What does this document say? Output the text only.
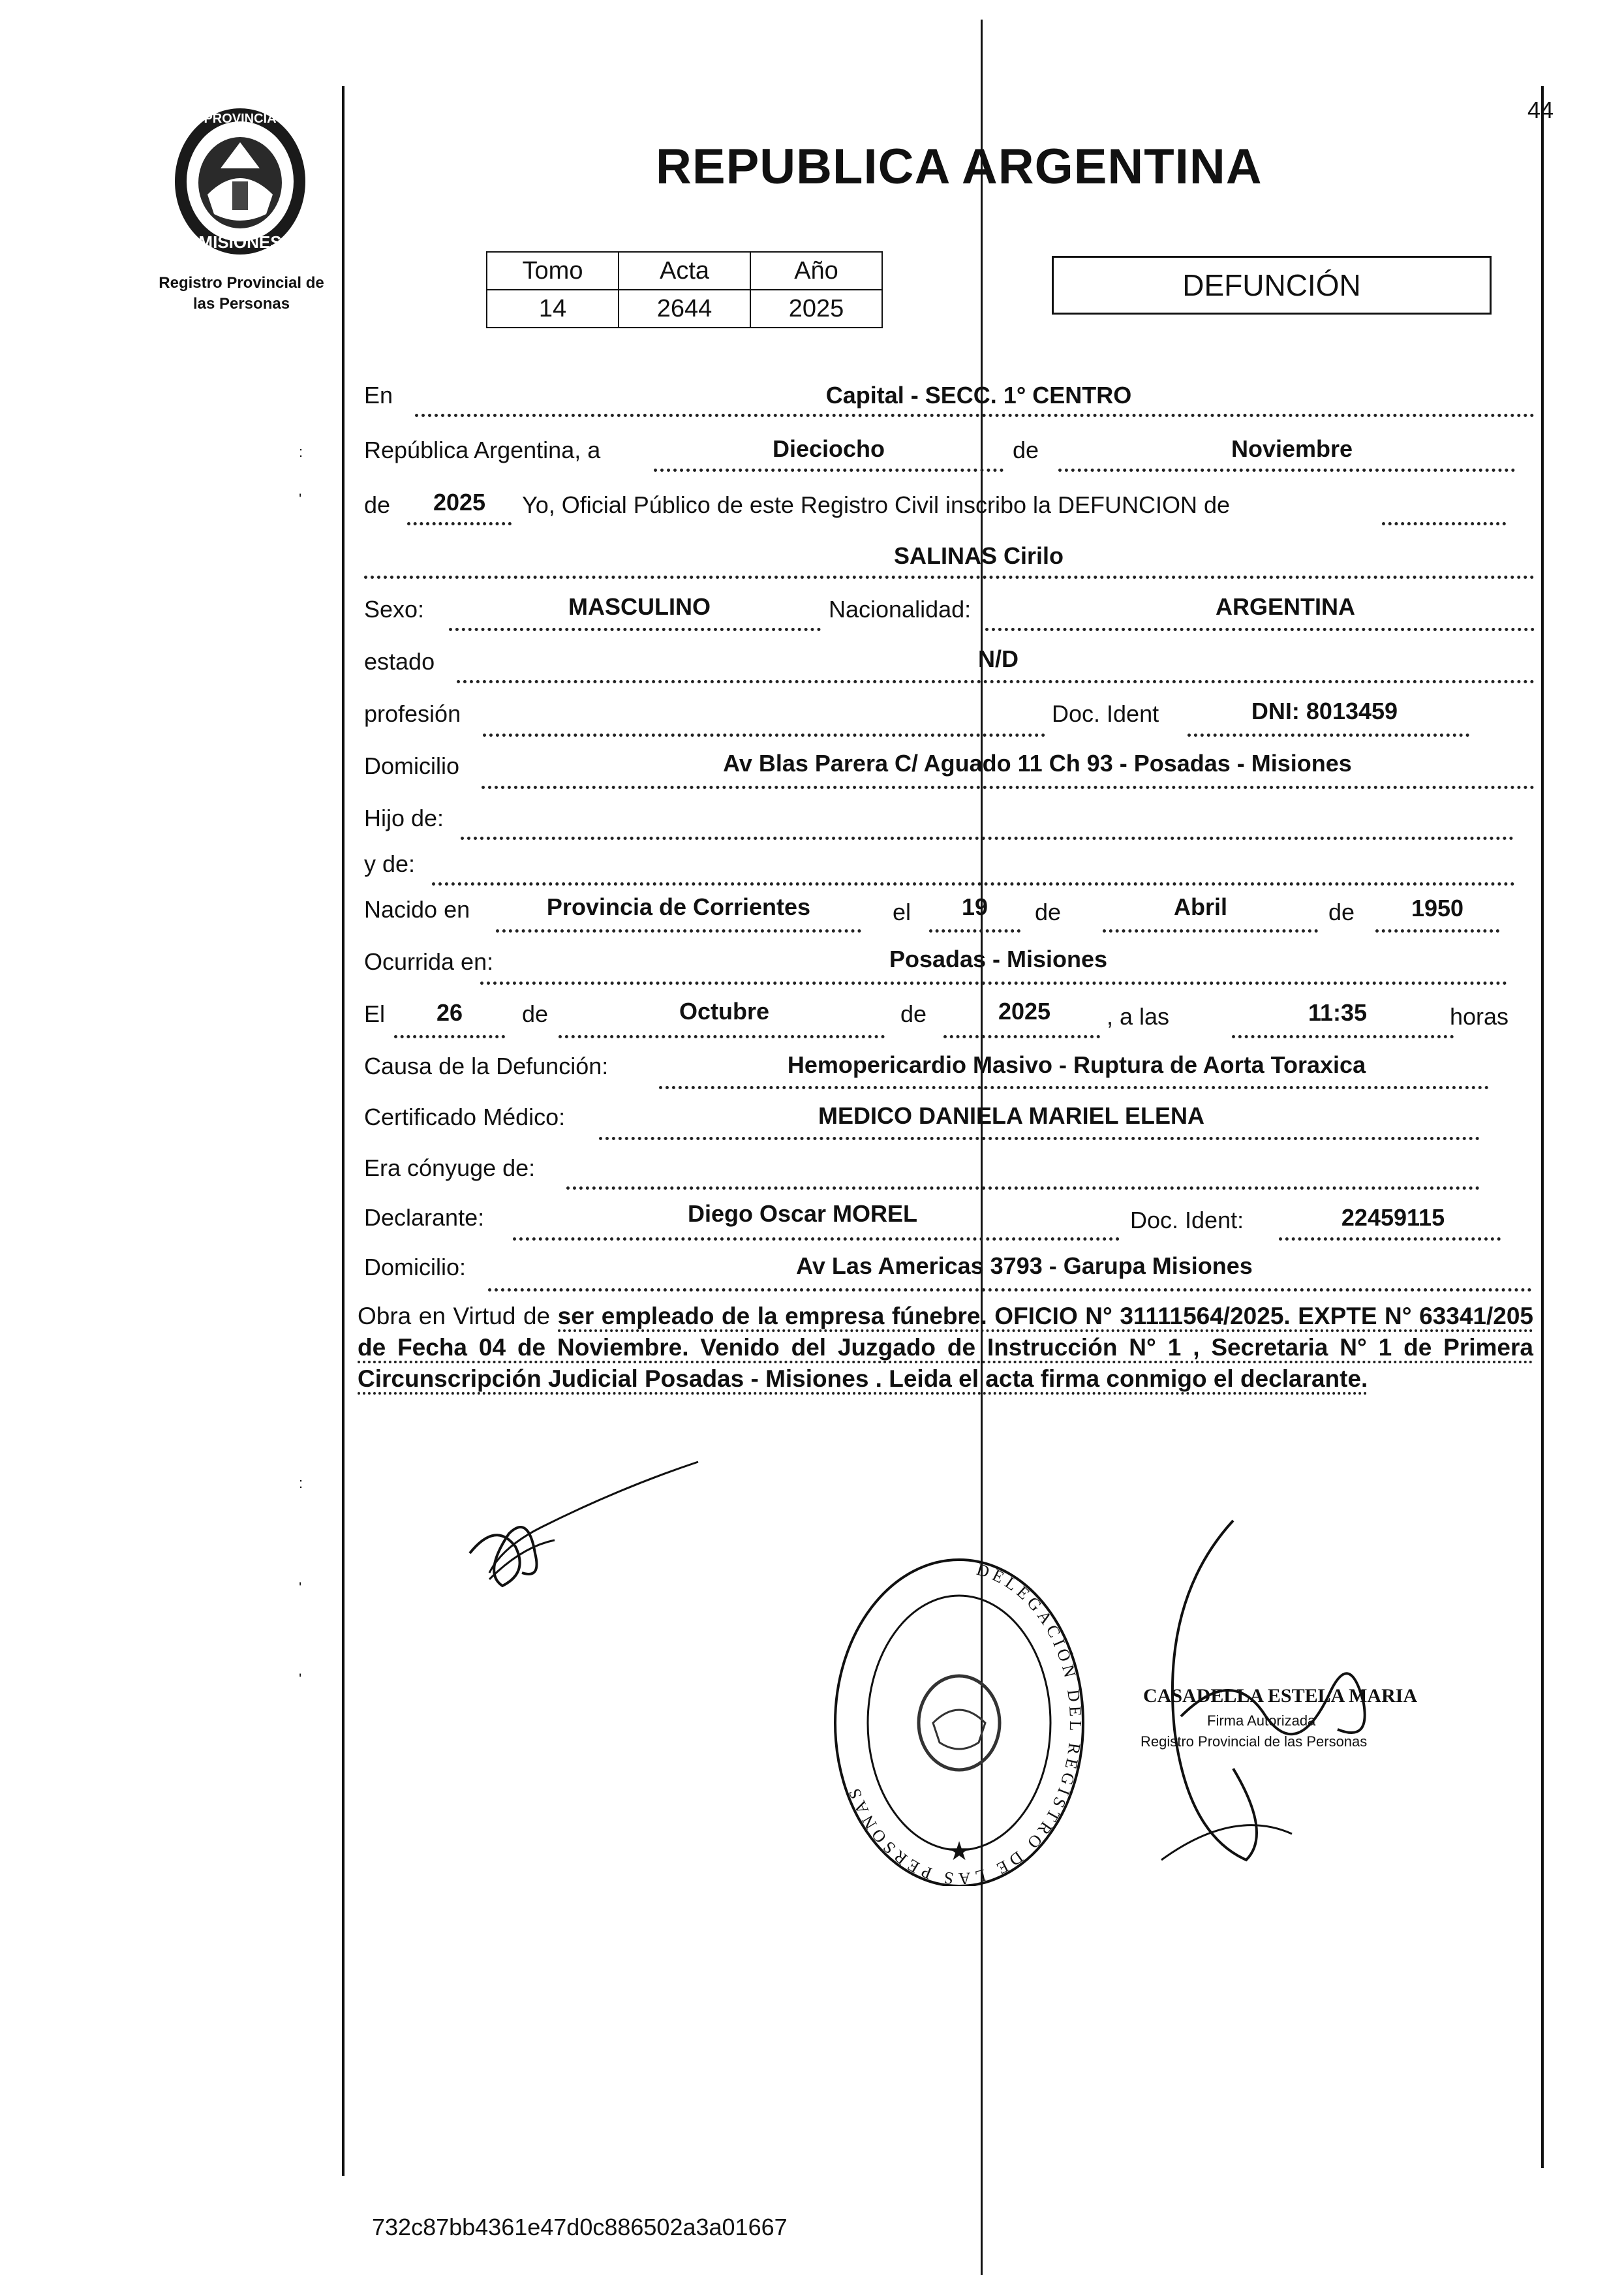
PROVINCIA
MISIONES
Registro Provincial de
las Personas
44
REPUBLICA ARGENTINA
Tomo	Acta	Año
14	2644	2025
DEFUNCIÓN
En	Capital - SECC. 1° CENTRO
República Argentina, a	Dieciocho	de	Noviembre
de	2025	Yo, Oficial Público de este Registro Civil inscribo la DEFUNCION de
SALINAS Cirilo
Sexo:	MASCULINO	Nacionalidad:	ARGENTINA
estado	N/D
profesión	Doc. Ident	DNI: 8013459
Domicilio	Av Blas Parera C/ Aguado 11 Ch 93 - Posadas - Misiones
Hijo de:
y de:
Nacido en	Provincia de Corrientes	el	19	de	Abril	de	1950
Ocurrida en:	Posadas - Misiones
El	26	de	Octubre	de	2025	, a las	11:35	horas
Causa de la Defunción:	Hemopericardio Masivo - Ruptura de Aorta Toraxica
Certificado Médico:	MEDICO DANIELA MARIEL ELENA
Era cónyuge de:
Declarante:	Diego Oscar MOREL	Doc. Ident:	22459115
Domicilio:	Av Las Americas 3793 - Garupa Misiones
Obra en Virtud de ser empleado de la empresa fúnebre. OFICIO N° 31111564/2025. EXPTE N° 63341/205 de Fecha 04 de Noviembre. Venido del Juzgado de Instrucción N° 1 , Secretaria N° 1 de Primera Circunscripción Judicial Posadas - Misiones . Leida el acta firma conmigo el declarante.
DELEGACIÓN DEL REGISTRO DE LAS PERSONAS
★
CASADELLA ESTELA MARIA
Firma Autorizada
Registro Provincial de las Personas
:
'
:
'
'
732c87bb4361e47d0c886502a3a01667
